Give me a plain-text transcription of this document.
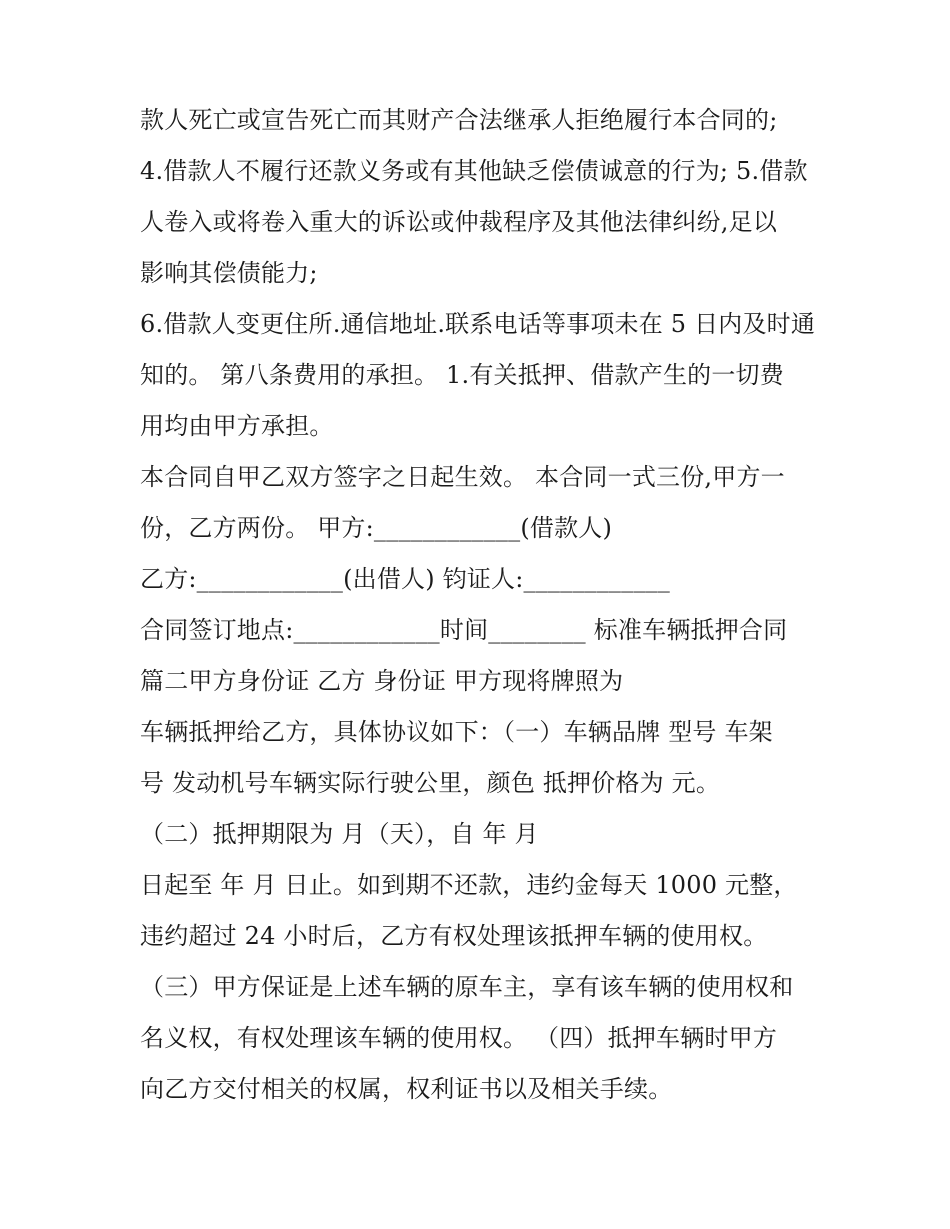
款人死亡或宣告死亡而其财产合法继承人拒绝履行本合同的;
4.借款人不履行还款义务或有其他缺乏偿债诚意的行为; 5.借款
人卷入或将卷入重大的诉讼或仲裁程序及其他法律纠纷,足以
影响其偿债能力;
6.借款人变更住所.通信地址.联系电话等事项未在 5 日内及时通
知的。 第八条费用的承担。 1.有关抵押、借款产生的一切费
用均由甲方承担。
本合同自甲乙双方签字之日起生效。 本合同一式三份,甲方一
份，乙方两份。 甲方:____________(借款人)
乙方:____________(出借人) 钧证人:____________
合同签订地点:____________时间________ 标准车辆抵押合同
篇二甲方身份证 乙方 身份证 甲方现将牌照为
车辆抵押给乙方，具体协议如下：（一）车辆品牌 型号 车架
号 发动机号车辆实际行驶公里，颜色 抵押价格为 元。
（二）抵押期限为 月（天），自 年 月
日起至 年 月 日止。如到期不还款，违约金每天 1000 元整，
违约超过 24 小时后，乙方有权处理该抵押车辆的使用权。
（三）甲方保证是上述车辆的原车主，享有该车辆的使用权和
名义权，有权处理该车辆的使用权。 （四）抵押车辆时甲方
向乙方交付相关的权属，权利证书以及相关手续。
